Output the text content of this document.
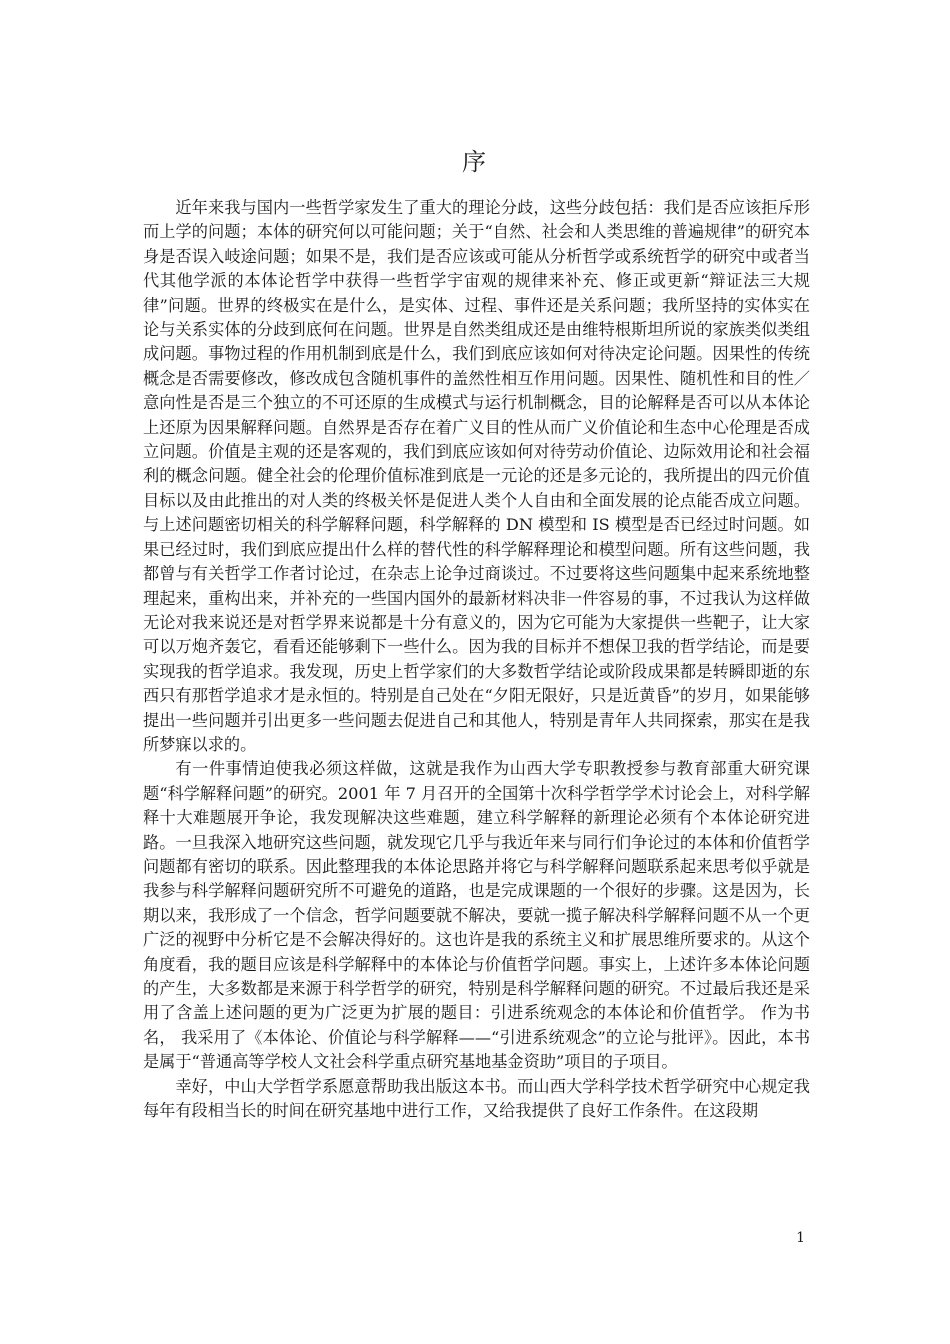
序

近年来我与国内一些哲学家发生了重大的理论分歧，这些分歧包括：我们是否应该拒斥形而上学的问题；本体的研究何以可能问题；关于“自然、社会和人类思维的普遍规律”的研究本身是否误入岐途问题；如果不是，我们是否应该或可能从分析哲学或系统哲学的研究中或者当代其他学派的本体论哲学中获得一些哲学宇宙观的规律来补充、修正或更新“辩证法三大规律”问题。世界的终极实在是什么，是实体、过程、事件还是关系问题；我所坚持的实体实在论与关系实体的分歧到底何在问题。世界是自然类组成还是由维特根斯坦所说的家族类似类组成问题。事物过程的作用机制到底是什么，我们到底应该如何对待决定论问题。因果性的传统概念是否需要修改，修改成包含随机事件的盖然性相互作用问题。因果性、随机性和目的性／意向性是否是三个独立的不可还原的生成模式与运行机制概念，目的论解释是否可以从本体论上还原为因果解释问题。自然界是否存在着广义目的性从而广义价值论和生态中心伦理是否成立问题。价值是主观的还是客观的，我们到底应该如何对待劳动价值论、边际效用论和社会福利的概念问题。健全社会的伦理价值标准到底是一元论的还是多元论的，我所提出的四元价值目标以及由此推出的对人类的终极关怀是促进人类个人自由和全面发展的论点能否成立问题。与上述问题密切相关的科学解释问题，科学解释的 DN 模型和 IS 模型是否已经过时问题。如果已经过时，我们到底应提出什么样的替代性的科学解释理论和模型问题。所有这些问题，我都曾与有关哲学工作者讨论过，在杂志上论争过商谈过。不过要将这些问题集中起来系统地整理起来，重构出来，并补充的一些国内国外的最新材料决非一件容易的事，不过我认为这样做无论对我来说还是对哲学界来说都是十分有意义的，因为它可能为大家提供一些靶子，让大家可以万炮齐轰它，看看还能够剩下一些什么。因为我的目标并不想保卫我的哲学结论，而是要实现我的哲学追求。我发现，历史上哲学家们的大多数哲学结论或阶段成果都是转瞬即逝的东西只有那哲学追求才是永恒的。特别是自己处在“夕阳无限好，只是近黄昏”的岁月，如果能够提出一些问题并引出更多一些问题去促进自己和其他人，特别是青年人共同探索，那实在是我所梦寐以求的。

有一件事情迫使我必须这样做，这就是我作为山西大学专职教授参与教育部重大研究课题“科学解释问题”的研究。2001 年 7 月召开的全国第十次科学哲学学术讨论会上，对科学解释十大难题展开争论，我发现解决这些难题，建立科学解释的新理论必须有个本体论研究进路。一旦我深入地研究这些问题，就发现它几乎与我近年来与同行们争论过的本体和价值哲学问题都有密切的联系。因此整理我的本体论思路并将它与科学解释问题联系起来思考似乎就是我参与科学解释问题研究所不可避免的道路，也是完成课题的一个很好的步骤。这是因为，长期以来，我形成了一个信念，哲学问题要就不解决，要就一揽子解决科学解释问题不从一个更广泛的视野中分析它是不会解决得好的。这也许是我的系统主义和扩展思维所要求的。从这个角度看，我的题目应该是科学解释中的本体论与价值哲学问题。事实上，上述许多本体论问题的产生，大多数都是来源于科学哲学的研究，特别是科学解释问题的研究。不过最后我还是采用了含盖上述问题的更为广泛更为扩展的题目：引进系统观念的本体论和价值哲学。 作为书名， 我采用了《本体论、价值论与科学解释——“引进系统观念”的立论与批评》。因此，本书是属于“普通高等学校人文社会科学重点研究基地基金资助”项目的子项目。

幸好，中山大学哲学系愿意帮助我出版这本书。而山西大学科学技术哲学研究中心规定我每年有段相当长的时间在研究基地中进行工作，又给我提供了良好工作条件。在这段期

1
